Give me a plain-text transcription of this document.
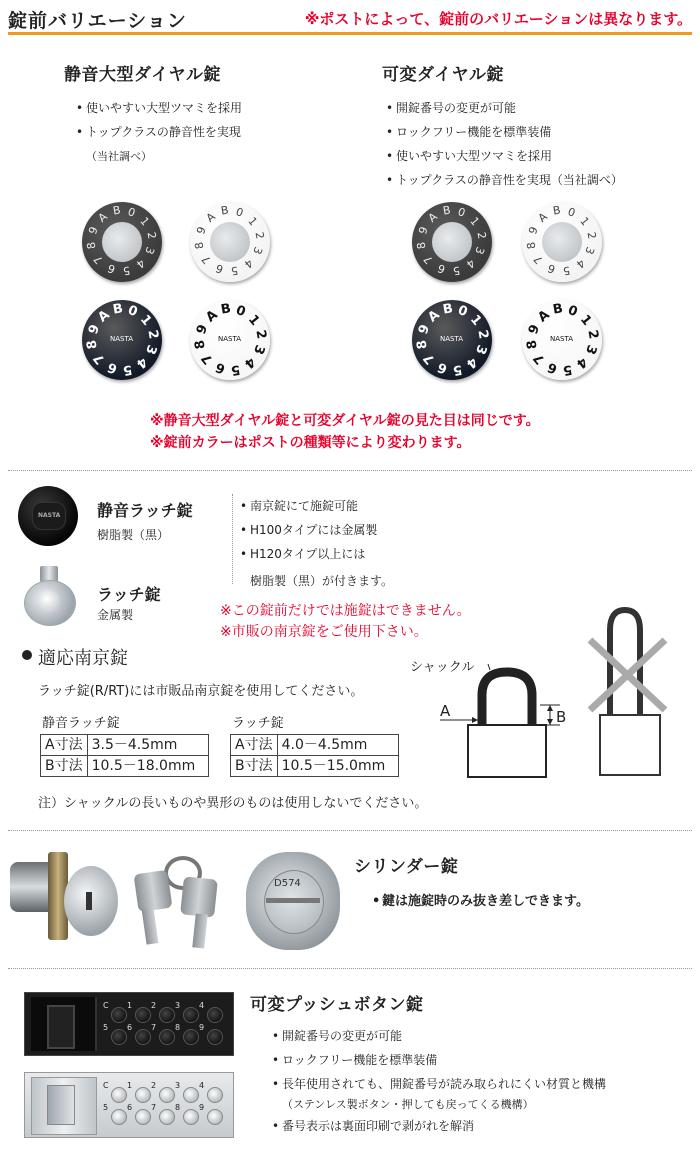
錠前バリエーション	※ポストによって、錠前のバリエーションは異なります。
静音大型ダイヤル錠
• 使いやすい大型ツマミを採用
• トップクラスの静音性を実現
（当社調べ）
可変ダイヤル錠
• 開錠番号の変更が可能
• ロックフリー機能を標準装備
• 使いやすい大型ツマミを採用
• トップクラスの静音性を実現（当社調べ）
A B 0
1
2
3
4
5
6
7
8
9
A B 0
1
2
3
4
5
6
7
8
9
A B 0
1
2
3
4
5
6
7
8
9
NASTA
A B 0
1
2
3
4
5
6
7
8
9
NASTA
A B 0
1
2
3
4
5
6
7
8
9
A B 0
1
2
3
4
5
6
7
8
9
A B 0
1
2
3
4
5
6
7
8
9
NASTA
A B 0
1
2
3
4
5
6
7
8
9
NASTA
※静音大型ダイヤル錠と可変ダイヤル錠の見た目は同じです。
※錠前カラーはポストの種類等により変わります。
NASTA 静音ラッチ錠
樹脂製（黒）
ラッチ錠
金属製
• 南京錠にて施錠可能
• H100タイプには金属製
• H120タイプ以上には
樹脂製（黒）が付きます。
※この錠前だけでは施錠はできません。
※市販の南京錠をご使用下さい。
適応南京錠
ラッチ錠(R/RT)には市販品南京錠を使用してください。
静音ラッチ錠
A寸法	3.5－4.5mm
B寸法	10.5－18.0mm
ラッチ錠
A寸法	4.0－4.5mm
B寸法	10.5－15.0mm
シャックル
A	B
注）シャックルの長いものや異形のものは使用しないでください。
D574
シリンダー錠
• 鍵は施錠時のみ抜き差しできます。
C 1 2 3 4
5 6 7 8 9
C 1 2 3 4
5 6 7 8 9
可変プッシュボタン錠
• 開錠番号の変更が可能
• ロックフリー機能を標準装備
• 長年使用されても、開錠番号が読み取られにくい材質と機構
（ステンレス製ボタン・押しても戻ってくる機構）
• 番号表示は裏面印刷で剥がれを解消
